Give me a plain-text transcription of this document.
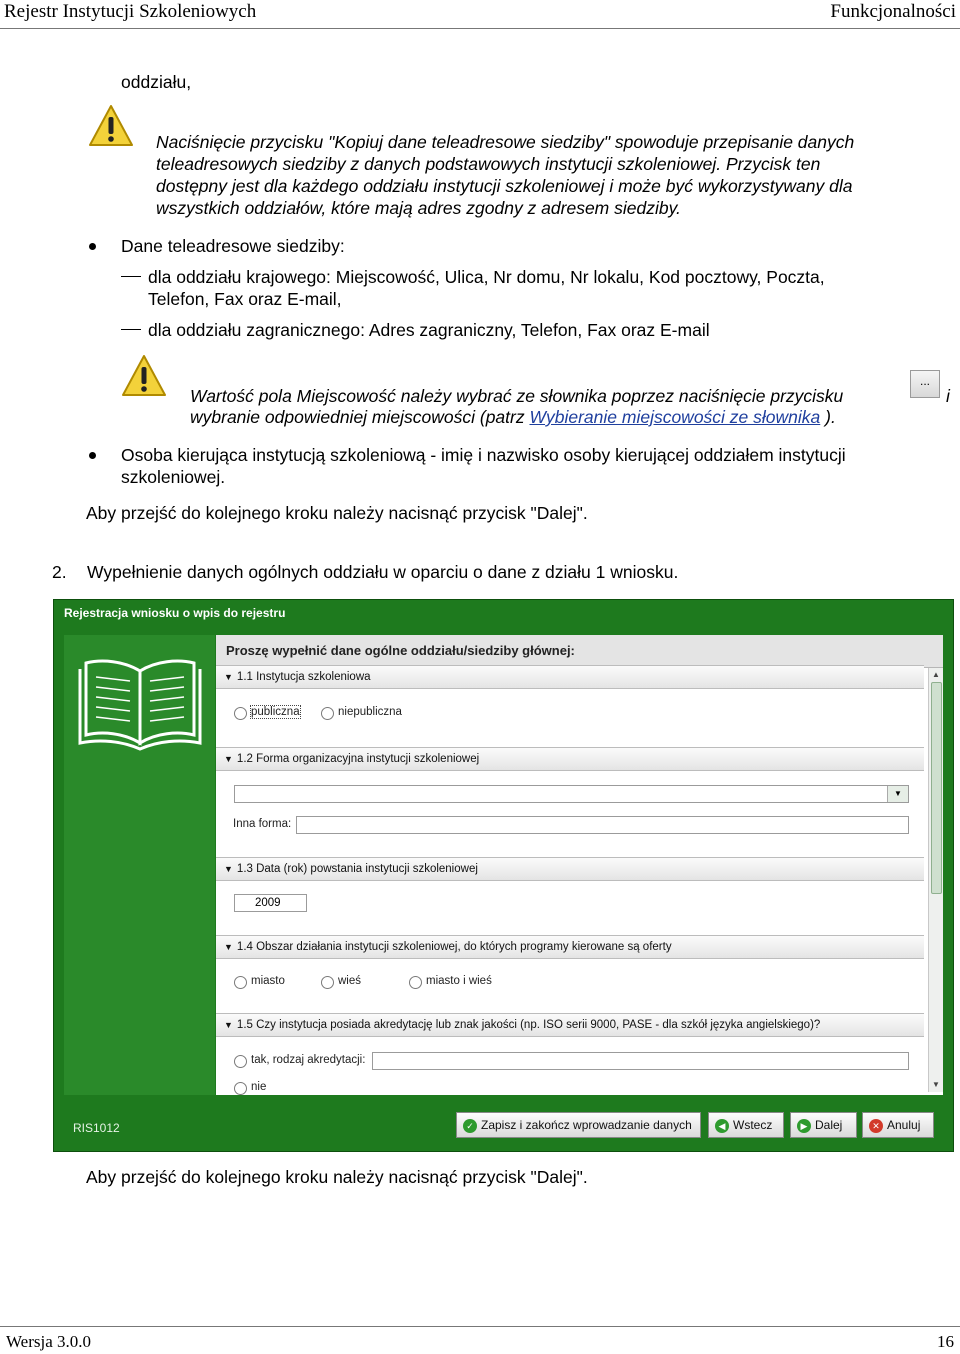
Rejestr Instytucji Szkoleniowych	Funkcjonalności
oddziału,
Naciśnięcie przycisku "Kopiuj dane teleadresowe siedziby" spowoduje przepisanie danych
teleadresowych siedziby z danych podstawowych instytucji szkoleniowej. Przycisk ten
dostępny jest dla każdego oddziału instytucji szkoleniowej i może być wykorzystywany dla
wszystkich oddziałów, które mają adres zgodny z adresem siedziby.
Dane teleadresowe siedziby:
dla oddziału krajowego: Miejscowość, Ulica, Nr domu, Nr lokalu, Kod pocztowy, Poczta,
Telefon, Fax oraz E-mail,
dla oddziału zagranicznego: Adres zagraniczny, Telefon, Fax oraz E-mail
Wartość pola Miejscowość należy wybrać ze słownika poprzez naciśnięcie przycisku
...
i
wybranie odpowiedniej miejscowości (patrz Wybieranie miejscowości ze słownika ).
Osoba kierująca instytucją szkoleniową - imię i nazwisko osoby kierującej oddziałem instytucji
szkoleniowej.
Aby przejść do kolejnego kroku należy nacisnąć przycisk "Dalej".
2. Wypełnienie danych ogólnych oddziału w oparciu o dane z działu 1 wniosku.
Rejestracja wniosku o wpis do rejestru
Proszę wypełnić dane ogólne oddziału/siedziby głównej:
▼ 1.1 Instytucja szkoleniowa
publiczna	niepubliczna
▼ 1.2 Forma organizacyjna instytucji szkoleniowej
▼
Inna forma:
▼ 1.3 Data (rok) powstania instytucji szkoleniowej
2009
▼ 1.4 Obszar działania instytucji szkoleniowej, do których programy kierowane są oferty
miasto	wieś	miasto i wieś
▼ 1.5 Czy instytucja posiada akredytację lub znak jakości (np. ISO serii 9000, PASE - dla szkół języka angielskiego)?
tak, rodzaj akredytacji:
nie
▲
▼
RIS1012	✓ Zapisz i zakończ wprowadzanie danych	◀ Wstecz	▶ Dalej	✕ Anuluj
Aby przejść do kolejnego kroku należy nacisnąć przycisk "Dalej".
Wersja 3.0.0	16
